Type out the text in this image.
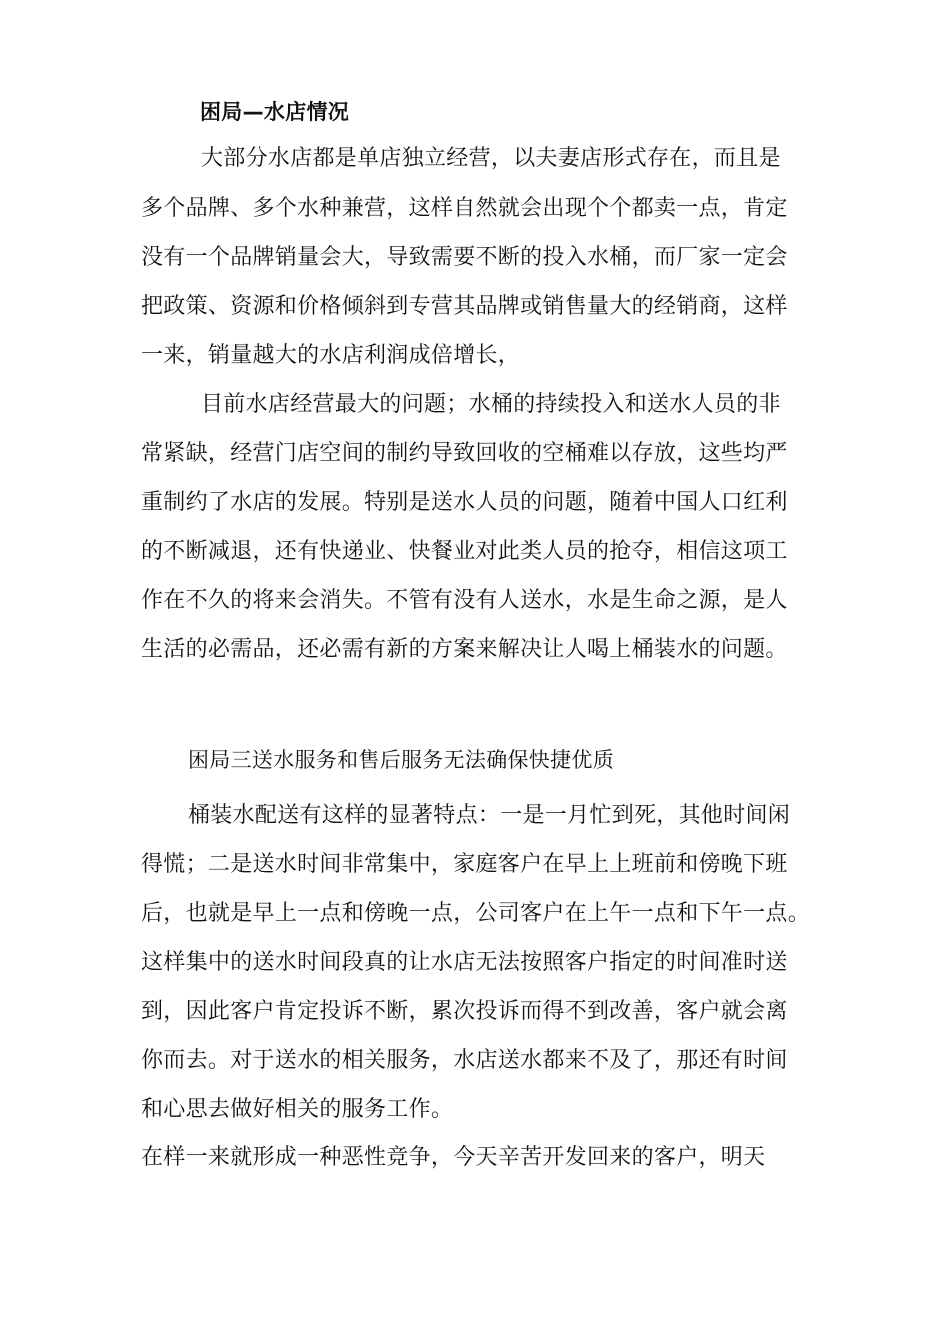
困局—水店情况
大部分水店都是单店独立经营，以夫妻店形式存在，而且是
多个品牌、多个水种兼营，这样自然就会出现个个都卖一点，肯定
没有一个品牌销量会大，导致需要不断的投入水桶，而厂家一定会
把政策、资源和价格倾斜到专营其品牌或销售量大的经销商，这样
一来，销量越大的水店利润成倍增长，
目前水店经营最大的问题；水桶的持续投入和送水人员的非
常紧缺，经营门店空间的制约导致回收的空桶难以存放，这些均严
重制约了水店的发展。特别是送水人员的问题，随着中国人口红利
的不断减退，还有快递业、快餐业对此类人员的抢夺，相信这项工
作在不久的将来会消失。不管有没有人送水，水是生命之源，是人
生活的必需品，还必需有新的方案来解决让人喝上桶装水的问题。
困局三送水服务和售后服务无法确保快捷优质
桶装水配送有这样的显著特点：一是一月忙到死，其他时间闲
得慌；二是送水时间非常集中，家庭客户在早上上班前和傍晚下班
后，也就是早上一点和傍晚一点，公司客户在上午一点和下午一点。
这样集中的送水时间段真的让水店无法按照客户指定的时间准时送
到，因此客户肯定投诉不断，累次投诉而得不到改善，客户就会离
你而去。对于送水的相关服务，水店送水都来不及了，那还有时间
和心思去做好相关的服务工作。
在样一来就形成一种恶性竞争，今天辛苦开发回来的客户，明天
